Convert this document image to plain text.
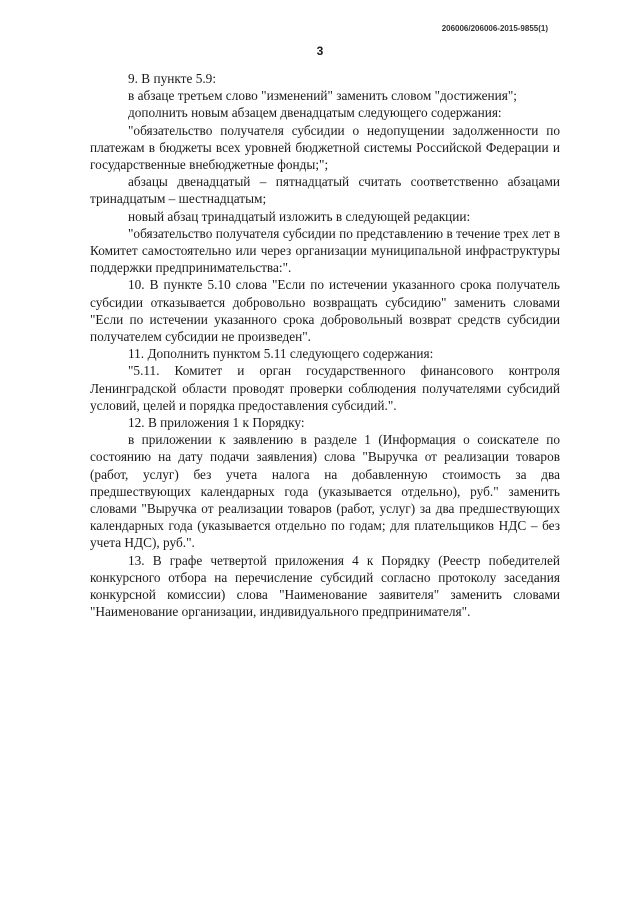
206006/206006-2015-9855(1)
3

9. В пункте 5.9:

в абзаце третьем слово "изменений" заменить словом "достижения";

дополнить новым абзацем двенадцатым следующего содержания:

"обязательство получателя субсидии о недопущении задолженности по платежам в бюджеты всех уровней бюджетной системы Российской Федерации и государственные внебюджетные фонды;";

абзацы двенадцатый – пятнадцатый считать соответственно абзацами тринадцатым – шестнадцатым;

новый абзац тринадцатый изложить в следующей редакции:

"обязательство получателя субсидии по представлению в течение трех лет в Комитет самостоятельно или через организации муниципальной инфраструктуры поддержки предпринимательства:".

10. В пункте 5.10 слова "Если по истечении указанного срока получатель субсидии отказывается добровольно возвращать субсидию" заменить словами "Если по истечении указанного срока добровольный возврат средств субсидии получателем субсидии не произведен".

11. Дополнить пунктом 5.11 следующего содержания:

"5.11. Комитет и орган государственного финансового контроля Ленинградской области проводят проверки соблюдения получателями субсидий условий, целей и порядка предоставления субсидий.".

12. В приложения 1 к Порядку:

в приложении к заявлению в разделе 1 (Информация о соискателе по состоянию на дату подачи заявления) слова "Выручка от реализации товаров (работ, услуг) без учета налога на добавленную стоимость за два предшествующих календарных года (указывается отдельно), руб." заменить словами "Выручка от реализации товаров (работ, услуг) за два предшествующих календарных года (указывается отдельно по годам; для плательщиков НДС – без учета НДС), руб.".

13. В графе четвертой приложения 4 к Порядку (Реестр победителей конкурсного отбора на перечисление субсидий согласно протоколу заседания конкурсной комиссии) слова "Наименование заявителя" заменить словами "Наименование организации, индивидуального предпринимателя".
